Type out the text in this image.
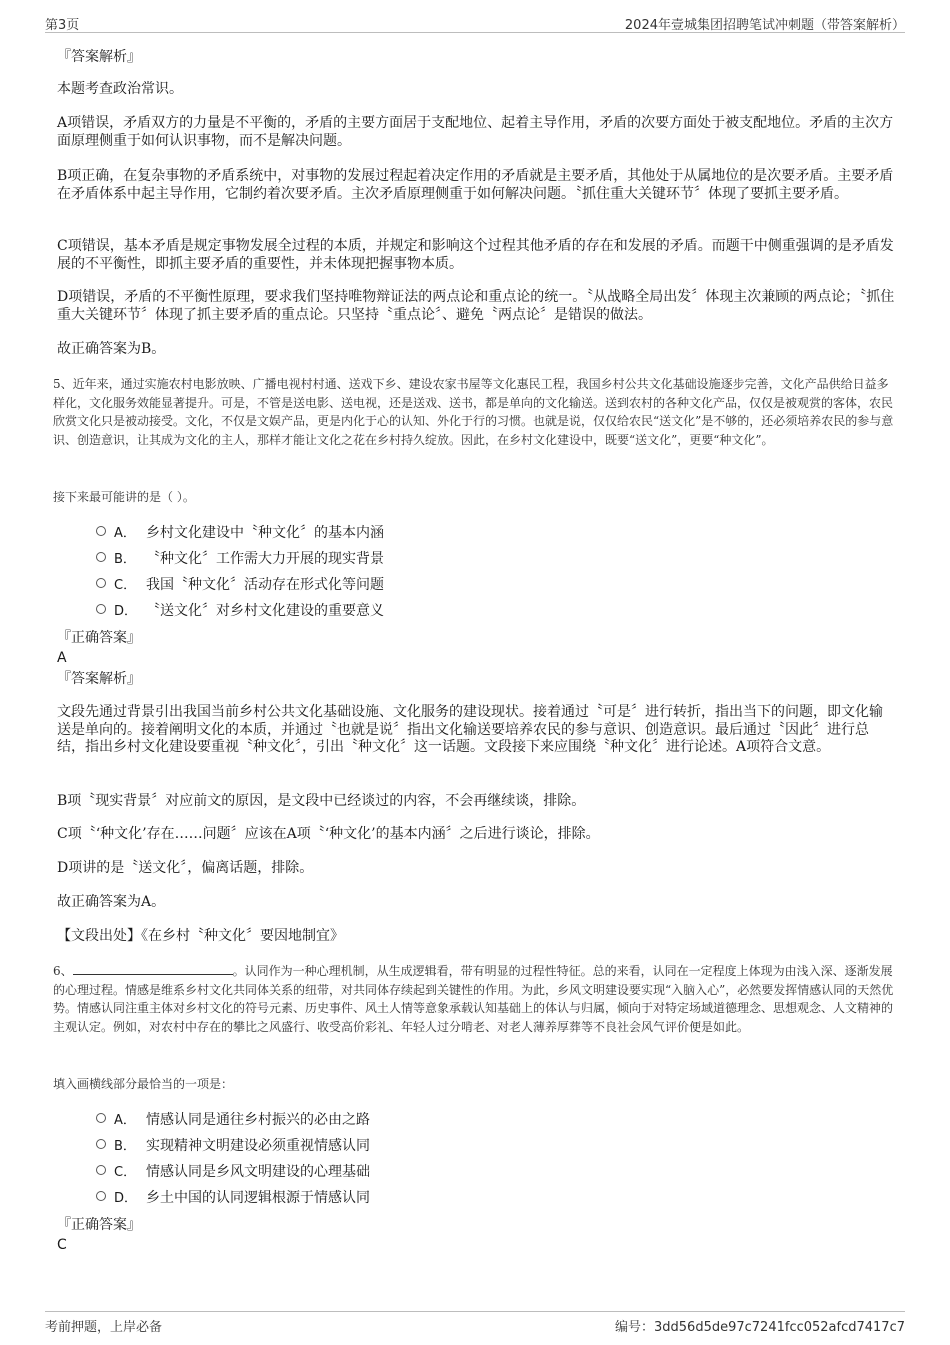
第3页	2024年壹城集团招聘笔试冲刺题（带答案解析）
『答案解析』
本题考查政治常识。
A项错误，矛盾双方的力量是不平衡的，矛盾的主要方面居于支配地位、起着主导作用，矛盾的次要方面处于被支配地位。矛盾的主次方面原理侧重于如何认识事物，而不是解决问题。
B项正确，在复杂事物的矛盾系统中，对事物的发展过程起着决定作用的矛盾就是主要矛盾，其他处于从属地位的是次要矛盾。主要矛盾在矛盾体系中起主导作用，它制约着次要矛盾。主次矛盾原理侧重于如何解决问题。〝抓住重大关键环节〞体现了要抓主要矛盾。
C项错误，基本矛盾是规定事物发展全过程的本质，并规定和影响这个过程其他矛盾的存在和发展的矛盾。而题干中侧重强调的是矛盾发展的不平衡性，即抓主要矛盾的重要性，并未体现把握事物本质。
D项错误，矛盾的不平衡性原理，要求我们坚持唯物辩证法的两点论和重点论的统一。〝从战略全局出发〞体现主次兼顾的两点论；〝抓住重大关键环节〞体现了抓主要矛盾的重点论。只坚持〝重点论〞、避免〝两点论〞是错误的做法。
故正确答案为B。
5、近年来，通过实施农村电影放映、广播电视村村通、送戏下乡、建设农家书屋等文化惠民工程，我国乡村公共文化基础设施逐步完善，文化产品供给日益多样化，文化服务效能显著提升。可是，不管是送电影、送电视，还是送戏、送书，都是单向的文化输送。送到农村的各种文化产品，仅仅是被观赏的客体，农民欣赏文化只是被动接受。文化，不仅是文娱产品，更是内化于心的认知、外化于行的习惯。也就是说，仅仅给农民“送文化”是不够的，还必须培养农民的参与意识、创造意识，让其成为文化的主人，那样才能让文化之花在乡村持久绽放。因此，在乡村文化建设中，既要“送文化”，更要“种文化”。
接下来最可能讲的是（ ）。
A． 乡村文化建设中〝种文化〞的基本内涵
B． 〝种文化〞工作需大力开展的现实背景
C． 我国〝种文化〞活动存在形式化等问题
D． 〝送文化〞对乡村文化建设的重要意义
『正确答案』
A
『答案解析』
文段先通过背景引出我国当前乡村公共文化基础设施、文化服务的建设现状。接着通过〝可是〞进行转折，指出当下的问题，即文化输送是单向的。接着阐明文化的本质，并通过〝也就是说〞指出文化输送要培养农民的参与意识、创造意识。最后通过〝因此〞进行总结，指出乡村文化建设要重视〝种文化〞，引出〝种文化〞这一话题。文段接下来应围绕〝种文化〞进行论述。A项符合文意。
B项〝现实背景〞对应前文的原因，是文段中已经谈过的内容，不会再继续谈，排除。
C项〝‘种文化’存在……问题〞应该在A项〝‘种文化’的基本内涵〞之后进行谈论，排除。
D项讲的是〝送文化〞，偏离话题，排除。
故正确答案为A。
【文段出处】《在乡村〝种文化〞要因地制宜》
6、	。认同作为一种心理机制，从生成逻辑看，带有明显的过程性特征。总的来看，认同在一定程度上体现为由浅入深、逐渐发展的心理过程。情感是维系乡村文化共同体关系的纽带，对共同体存续起到关键性的作用。为此，乡风文明建设要实现“入脑入心”，必然要发挥情感认同的天然优势。情感认同注重主体对乡村文化的符号元素、历史事件、风土人情等意象承载认知基础上的体认与归属，倾向于对特定场域道德理念、思想观念、人文精神的主观认定。例如，对农村中存在的攀比之风盛行、收受高价彩礼、年轻人过分啃老、对老人薄养厚葬等不良社会风气评价便是如此。
填入画横线部分最恰当的一项是：
A． 情感认同是通往乡村振兴的必由之路
B． 实现精神文明建设必须重视情感认同
C． 情感认同是乡风文明建设的心理基础
D． 乡土中国的认同逻辑根源于情感认同
『正确答案』
C
考前押题，上岸必备	编号：3dd56d5de97c7241fcc052afcd7417c7
